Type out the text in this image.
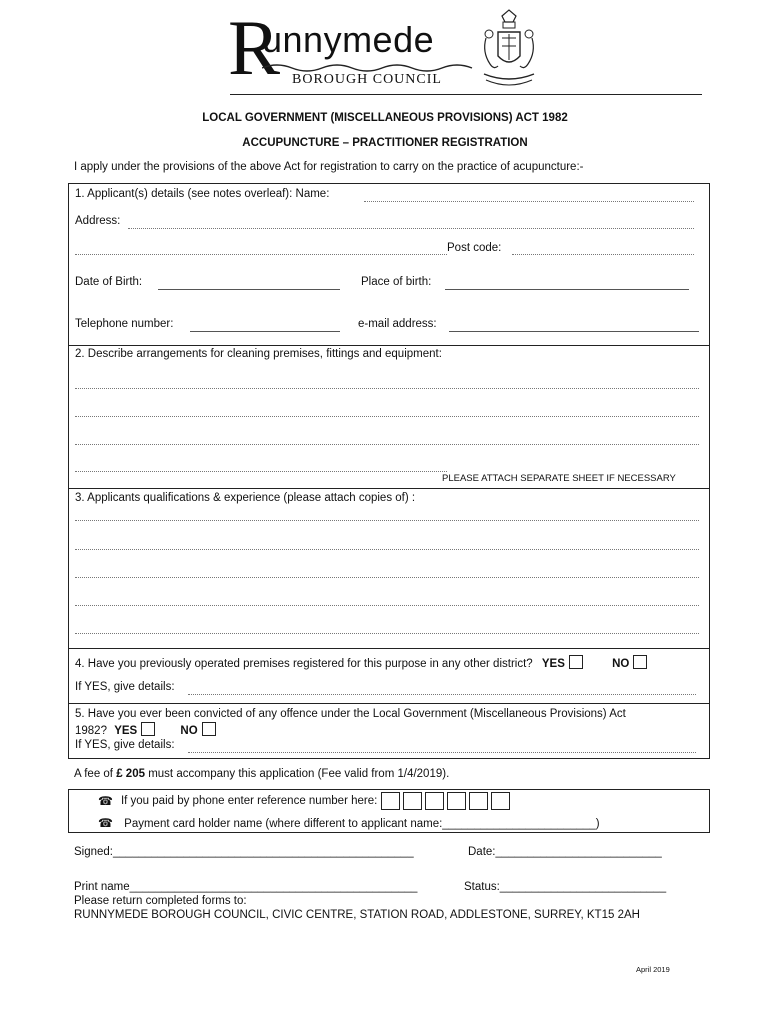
R
unnymede
BOROUGH COUNCIL
LOCAL GOVERNMENT (MISCELLANEOUS PROVISIONS) ACT 1982
ACCUPUNCTURE – PRACTITIONER REGISTRATION
I apply under the provisions of the above Act for registration to carry on the practice of acupuncture:-
1. Applicant(s) details (see notes overleaf): Name:
Address:
Post code:
Date of Birth:	Place of birth:
Telephone number:	e-mail address:
2. Describe arrangements for cleaning premises, fittings and equipment:
PLEASE ATTACH SEPARATE SHEET IF NECESSARY
3. Applicants qualifications & experience (please attach copies of) :
4. Have you previously operated premises registered for this purpose in any other district? YES	NO
If YES, give details:
5. Have you ever been convicted of any offence under the Local Government (Miscellaneous Provisions) Act
1982? YES	NO
If YES, give details:
A fee of £ 205 must accompany this application (Fee valid from 1/4/2019).
☎ If you paid by phone enter reference number here:
☎ Payment card holder name (where different to applicant name:________________________)
Signed:_______________________________________________	Date:__________________________
Print name_____________________________________________	Status:__________________________
Please return completed forms to:
RUNNYMEDE BOROUGH COUNCIL, CIVIC CENTRE, STATION ROAD, ADDLESTONE, SURREY, KT15 2AH
April 2019
